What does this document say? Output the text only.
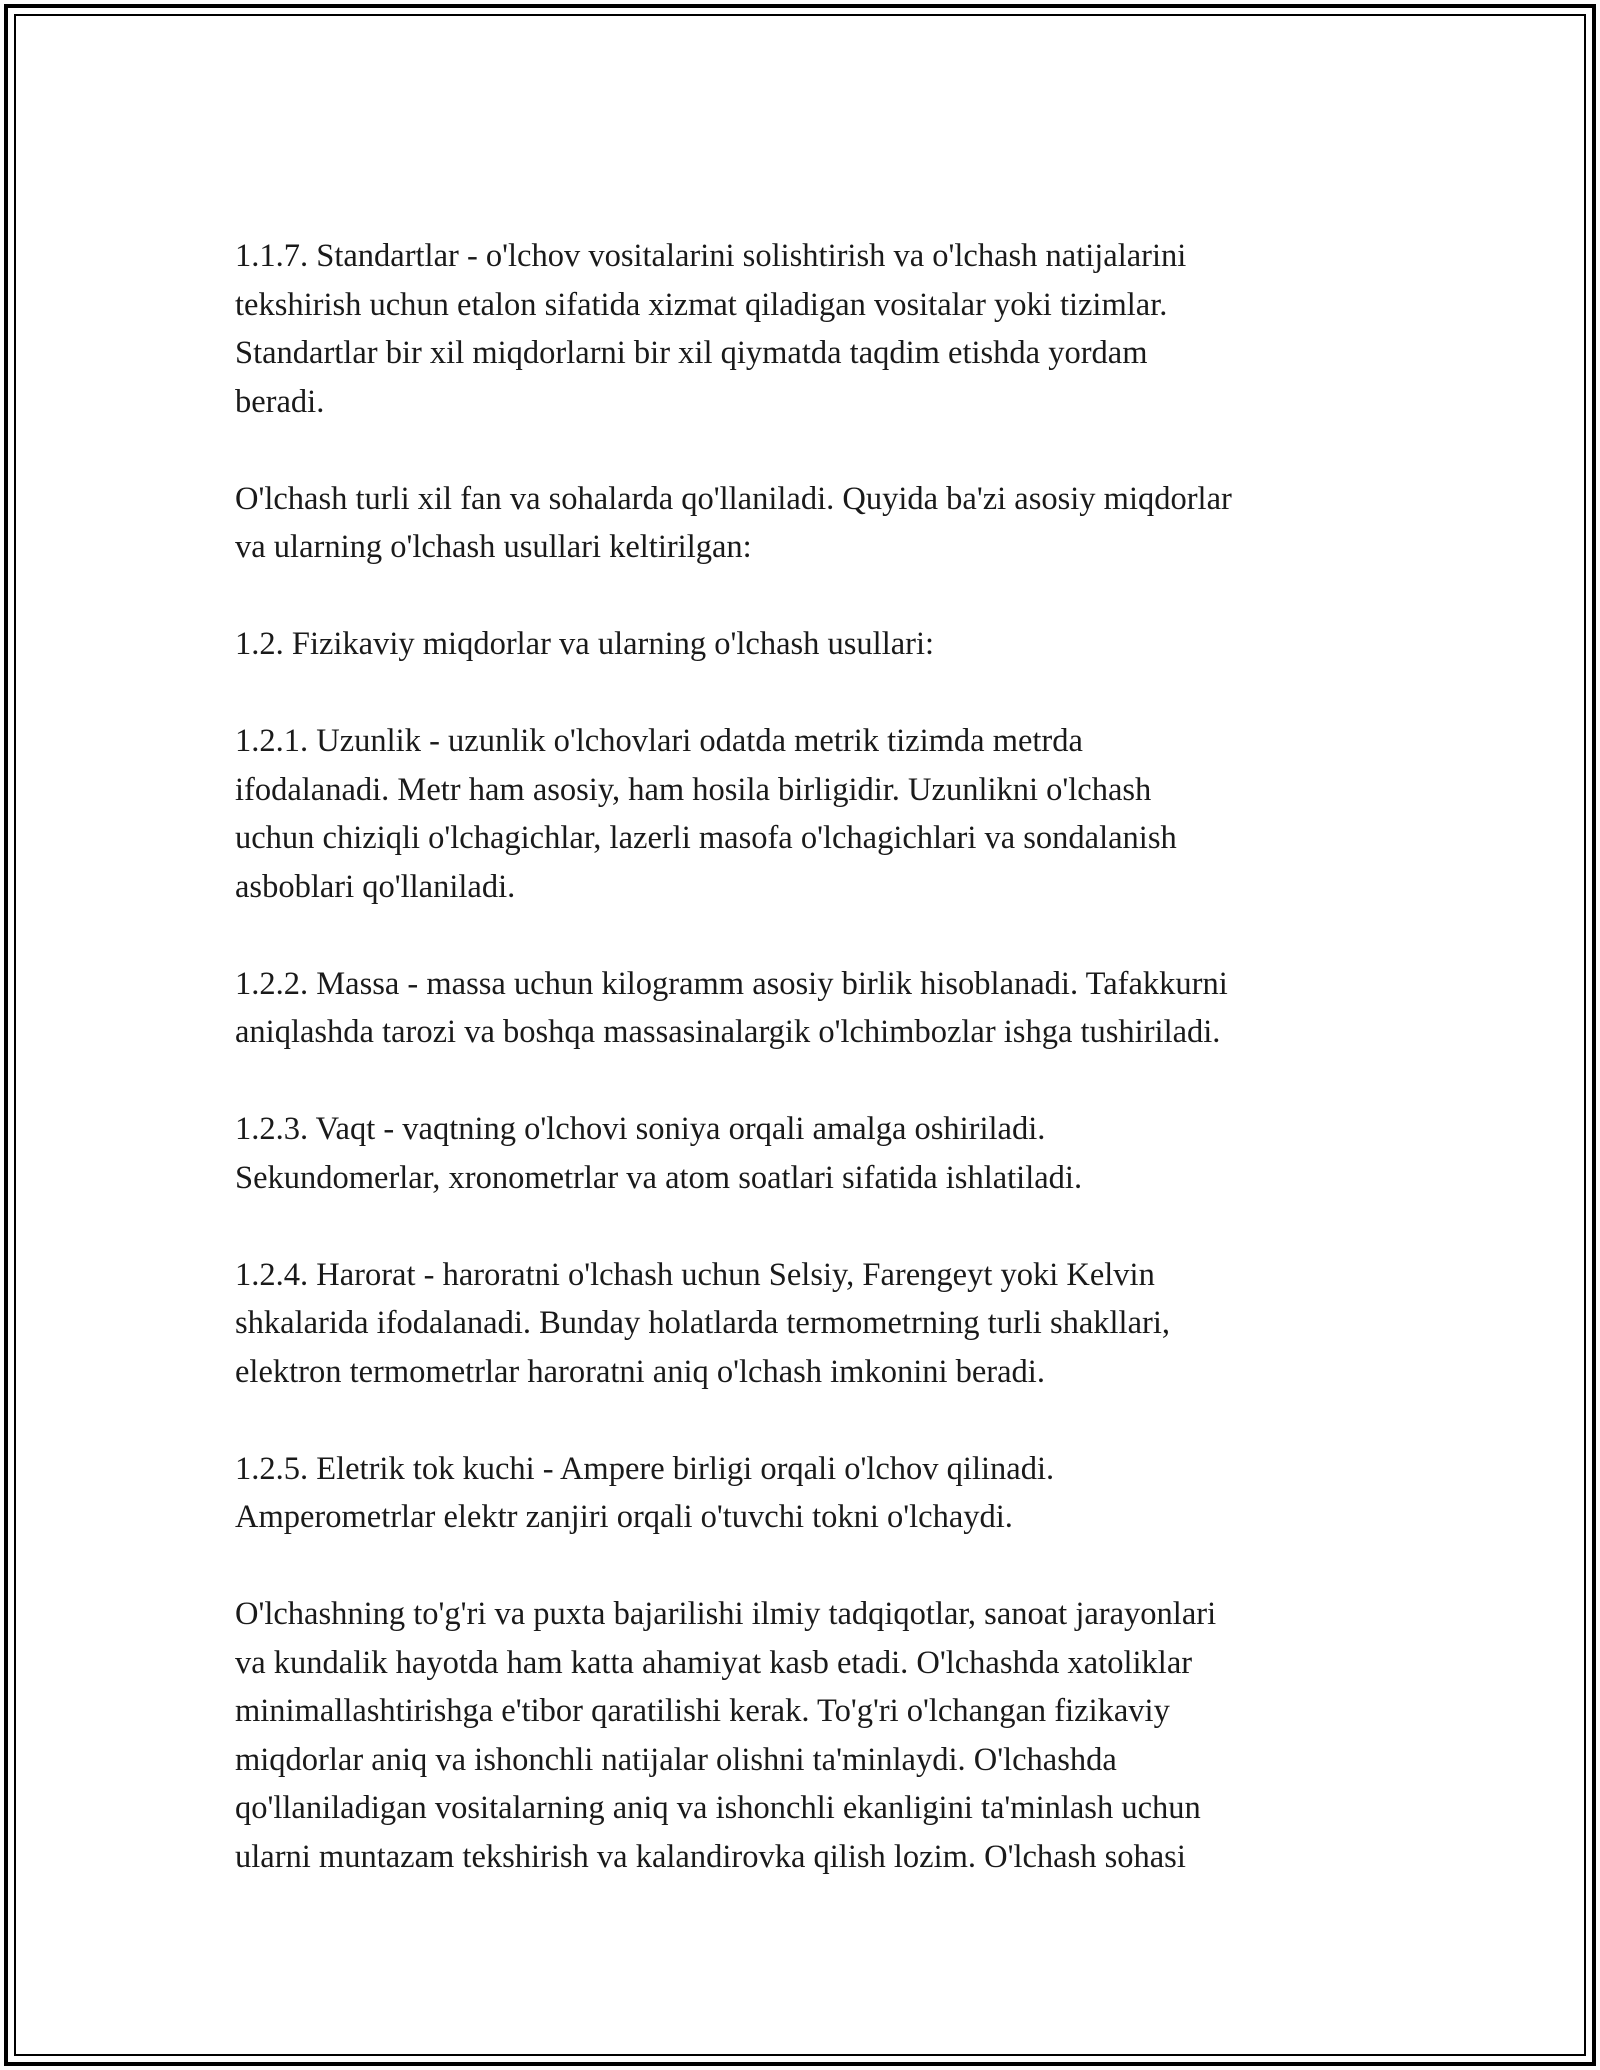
1.1.7. Standartlar - o'lchov vositalarini solishtirish va o'lchash natijalarini
tekshirish uchun etalon sifatida xizmat qiladigan vositalar yoki tizimlar.
Standartlar bir xil miqdorlarni bir xil qiymatda taqdim etishda yordam
beradi.

O'lchash turli xil fan va sohalarda qo'llaniladi. Quyida ba'zi asosiy miqdorlar
va ularning o'lchash usullari keltirilgan:

1.2. Fizikaviy miqdorlar va ularning o'lchash usullari:

1.2.1. Uzunlik - uzunlik o'lchovlari odatda metrik tizimda metrda
ifodalanadi. Metr ham asosiy, ham hosila birligidir. Uzunlikni o'lchash
uchun chiziqli o'lchagichlar, lazerli masofa o'lchagichlari va sondalanish
asboblari qo'llaniladi.

1.2.2. Massa - massa uchun kilogramm asosiy birlik hisoblanadi. Tafakkurni
aniqlashda tarozi va boshqa massasinalargik o'lchimbozlar ishga tushiriladi.

1.2.3. Vaqt - vaqtning o'lchovi soniya orqali amalga oshiriladi.
Sekundomerlar, xronometrlar va atom soatlari sifatida ishlatiladi.

1.2.4. Harorat - haroratni o'lchash uchun Selsiy, Farengeyt yoki Kelvin
shkalarida ifodalanadi. Bunday holatlarda termometrning turli shakllari,
elektron termometrlar haroratni aniq o'lchash imkonini beradi.

1.2.5. Eletrik tok kuchi - Ampere birligi orqali o'lchov qilinadi.
Amperometrlar elektr zanjiri orqali o'tuvchi tokni o'lchaydi.

O'lchashning to'g'ri va puxta bajarilishi ilmiy tadqiqotlar, sanoat jarayonlari
va kundalik hayotda ham katta ahamiyat kasb etadi. O'lchashda xatoliklar
minimallashtirishga e'tibor qaratilishi kerak. To'g'ri o'lchangan fizikaviy
miqdorlar aniq va ishonchli natijalar olishni ta'minlaydi. O'lchashda
qo'llaniladigan vositalarning aniq va ishonchli ekanligini ta'minlash uchun
ularni muntazam tekshirish va kalandirovka qilish lozim. O'lchash sohasi
